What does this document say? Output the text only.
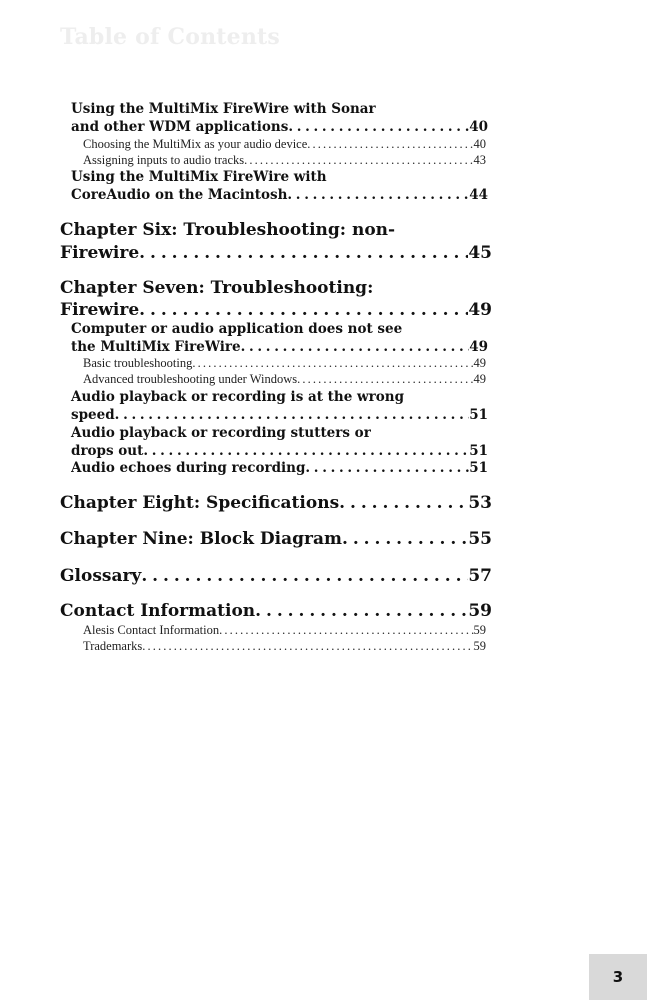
Table of Contents
Using the MultiMix FireWire with Sonar
and other WDM applications . . .	40
Choosing the MultiMix as your audio device . . .	40
Assigning inputs to audio tracks . . .	43
Using the MultiMix FireWire with
CoreAudio on the Macintosh . . .	44
Chapter Six: Troubleshooting: non-
Firewire . . .	45
Chapter Seven: Troubleshooting:
Firewire . . .	49
Computer or audio application does not see
the MultiMix FireWire . . .	49
Basic troubleshooting . . .	49
Advanced troubleshooting under Windows . . .	49
Audio playback or recording is at the wrong
speed . . .	51
Audio playback or recording stutters or
drops out . . .	51
Audio echoes during recording . . .	51
Chapter Eight: Specifications . . .	53
Chapter Nine: Block Diagram . . .	55
Glossary . . .	57
Contact Information . . .	59
Alesis Contact Information . . .	59
Trademarks . . .	59
3
